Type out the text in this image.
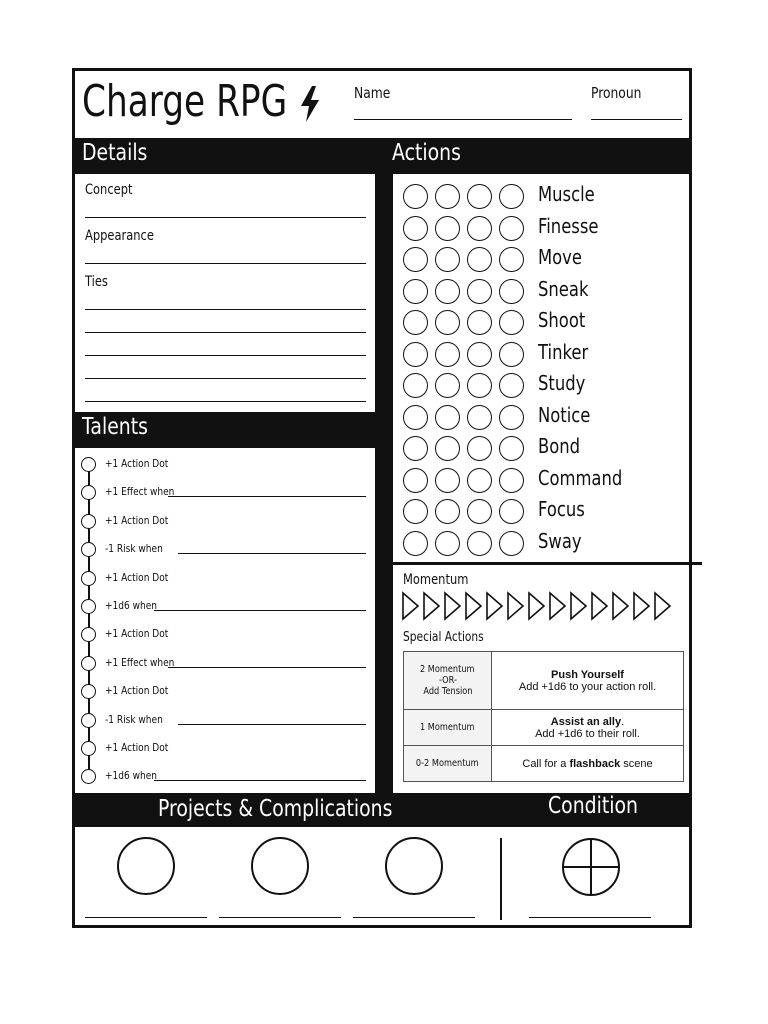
Charge RPG	Name	Pronoun
Details	Actions
Talents
Concept
Appearance
Ties
+1 Action Dot
+1 Effect when
+1 Action Dot
-1 Risk when
+1 Action Dot
+1d6 when
+1 Action Dot
+1 Effect when
+1 Action Dot
-1 Risk when
+1 Action Dot
+1d6 when
Muscle
Finesse
Move
Sneak
Shoot
Tinker
Study
Notice
Bond
Command
Focus
Sway
Momentum
Special Actions
2 Momentum
-OR-
Add Tension	Push Yourself
Add +1d6 to your action roll.
1 Momentum	Assist an ally.
Add +1d6 to their roll.
0-2 Momentum	Call for a flashback scene
Projects & Complications	Condition
